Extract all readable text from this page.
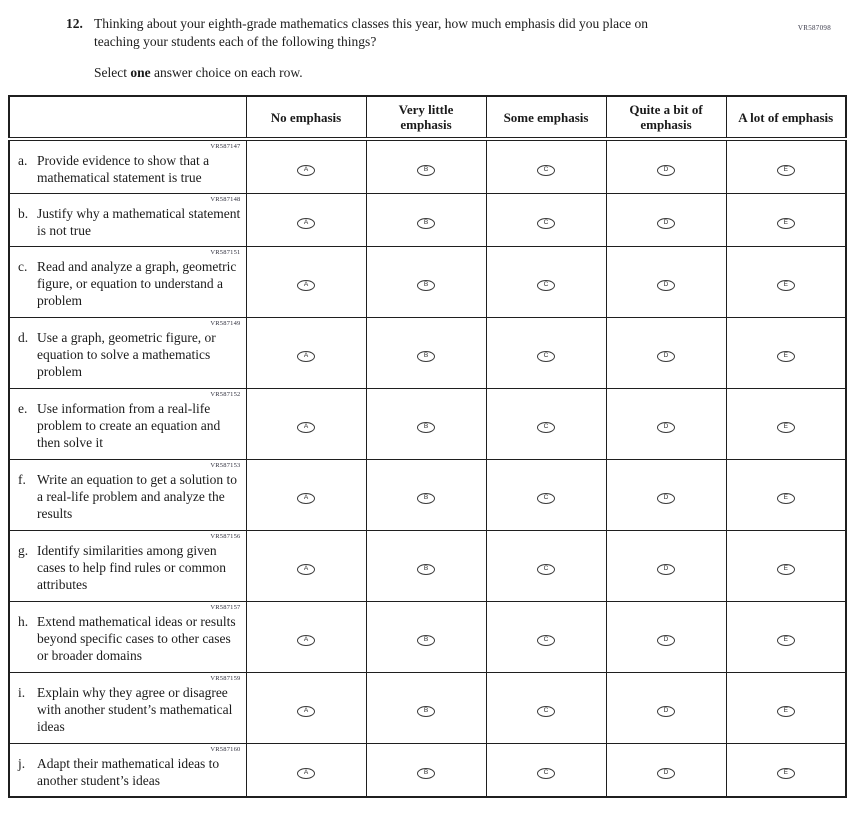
VR587098
12. Thinking about your eighth-grade mathematics classes this year, how much emphasis did you place on teaching your students each of the following things?
Select one answer choice on each row.
	No emphasis	Very little emphasis	Some emphasis	Quite a bit of emphasis	A lot of emphasis

VR587147
a. Provide evidence to show that a mathematical statement is true	A	B	C	D	E

VR587148
b. Justify why a mathematical statement is not true	A	B	C	D	E

VR587151
c. Read and analyze a graph, geometric figure, or equation to understand a problem	A	B	C	D	E

VR587149
d. Use a graph, geometric figure, or equation to solve a mathematics problem	A	B	C	D	E

VR587152
e. Use information from a real-life problem to create an equation and then solve it	A	B	C	D	E

VR587153
f. Write an equation to get a solution to a real-life problem and analyze the results	A	B	C	D	E

VR587156
g. Identify similarities among given cases to help find rules or common attributes	A	B	C	D	E

VR587157
h. Extend mathematical ideas or results beyond specific cases to other cases or broader domains	A	B	C	D	E

VR587159
i. Explain why they agree or disagree with another student’s mathematical ideas	A	B	C	D	E

VR587160
j. Adapt their mathematical ideas to another student’s ideas	A	B	C	D	E
